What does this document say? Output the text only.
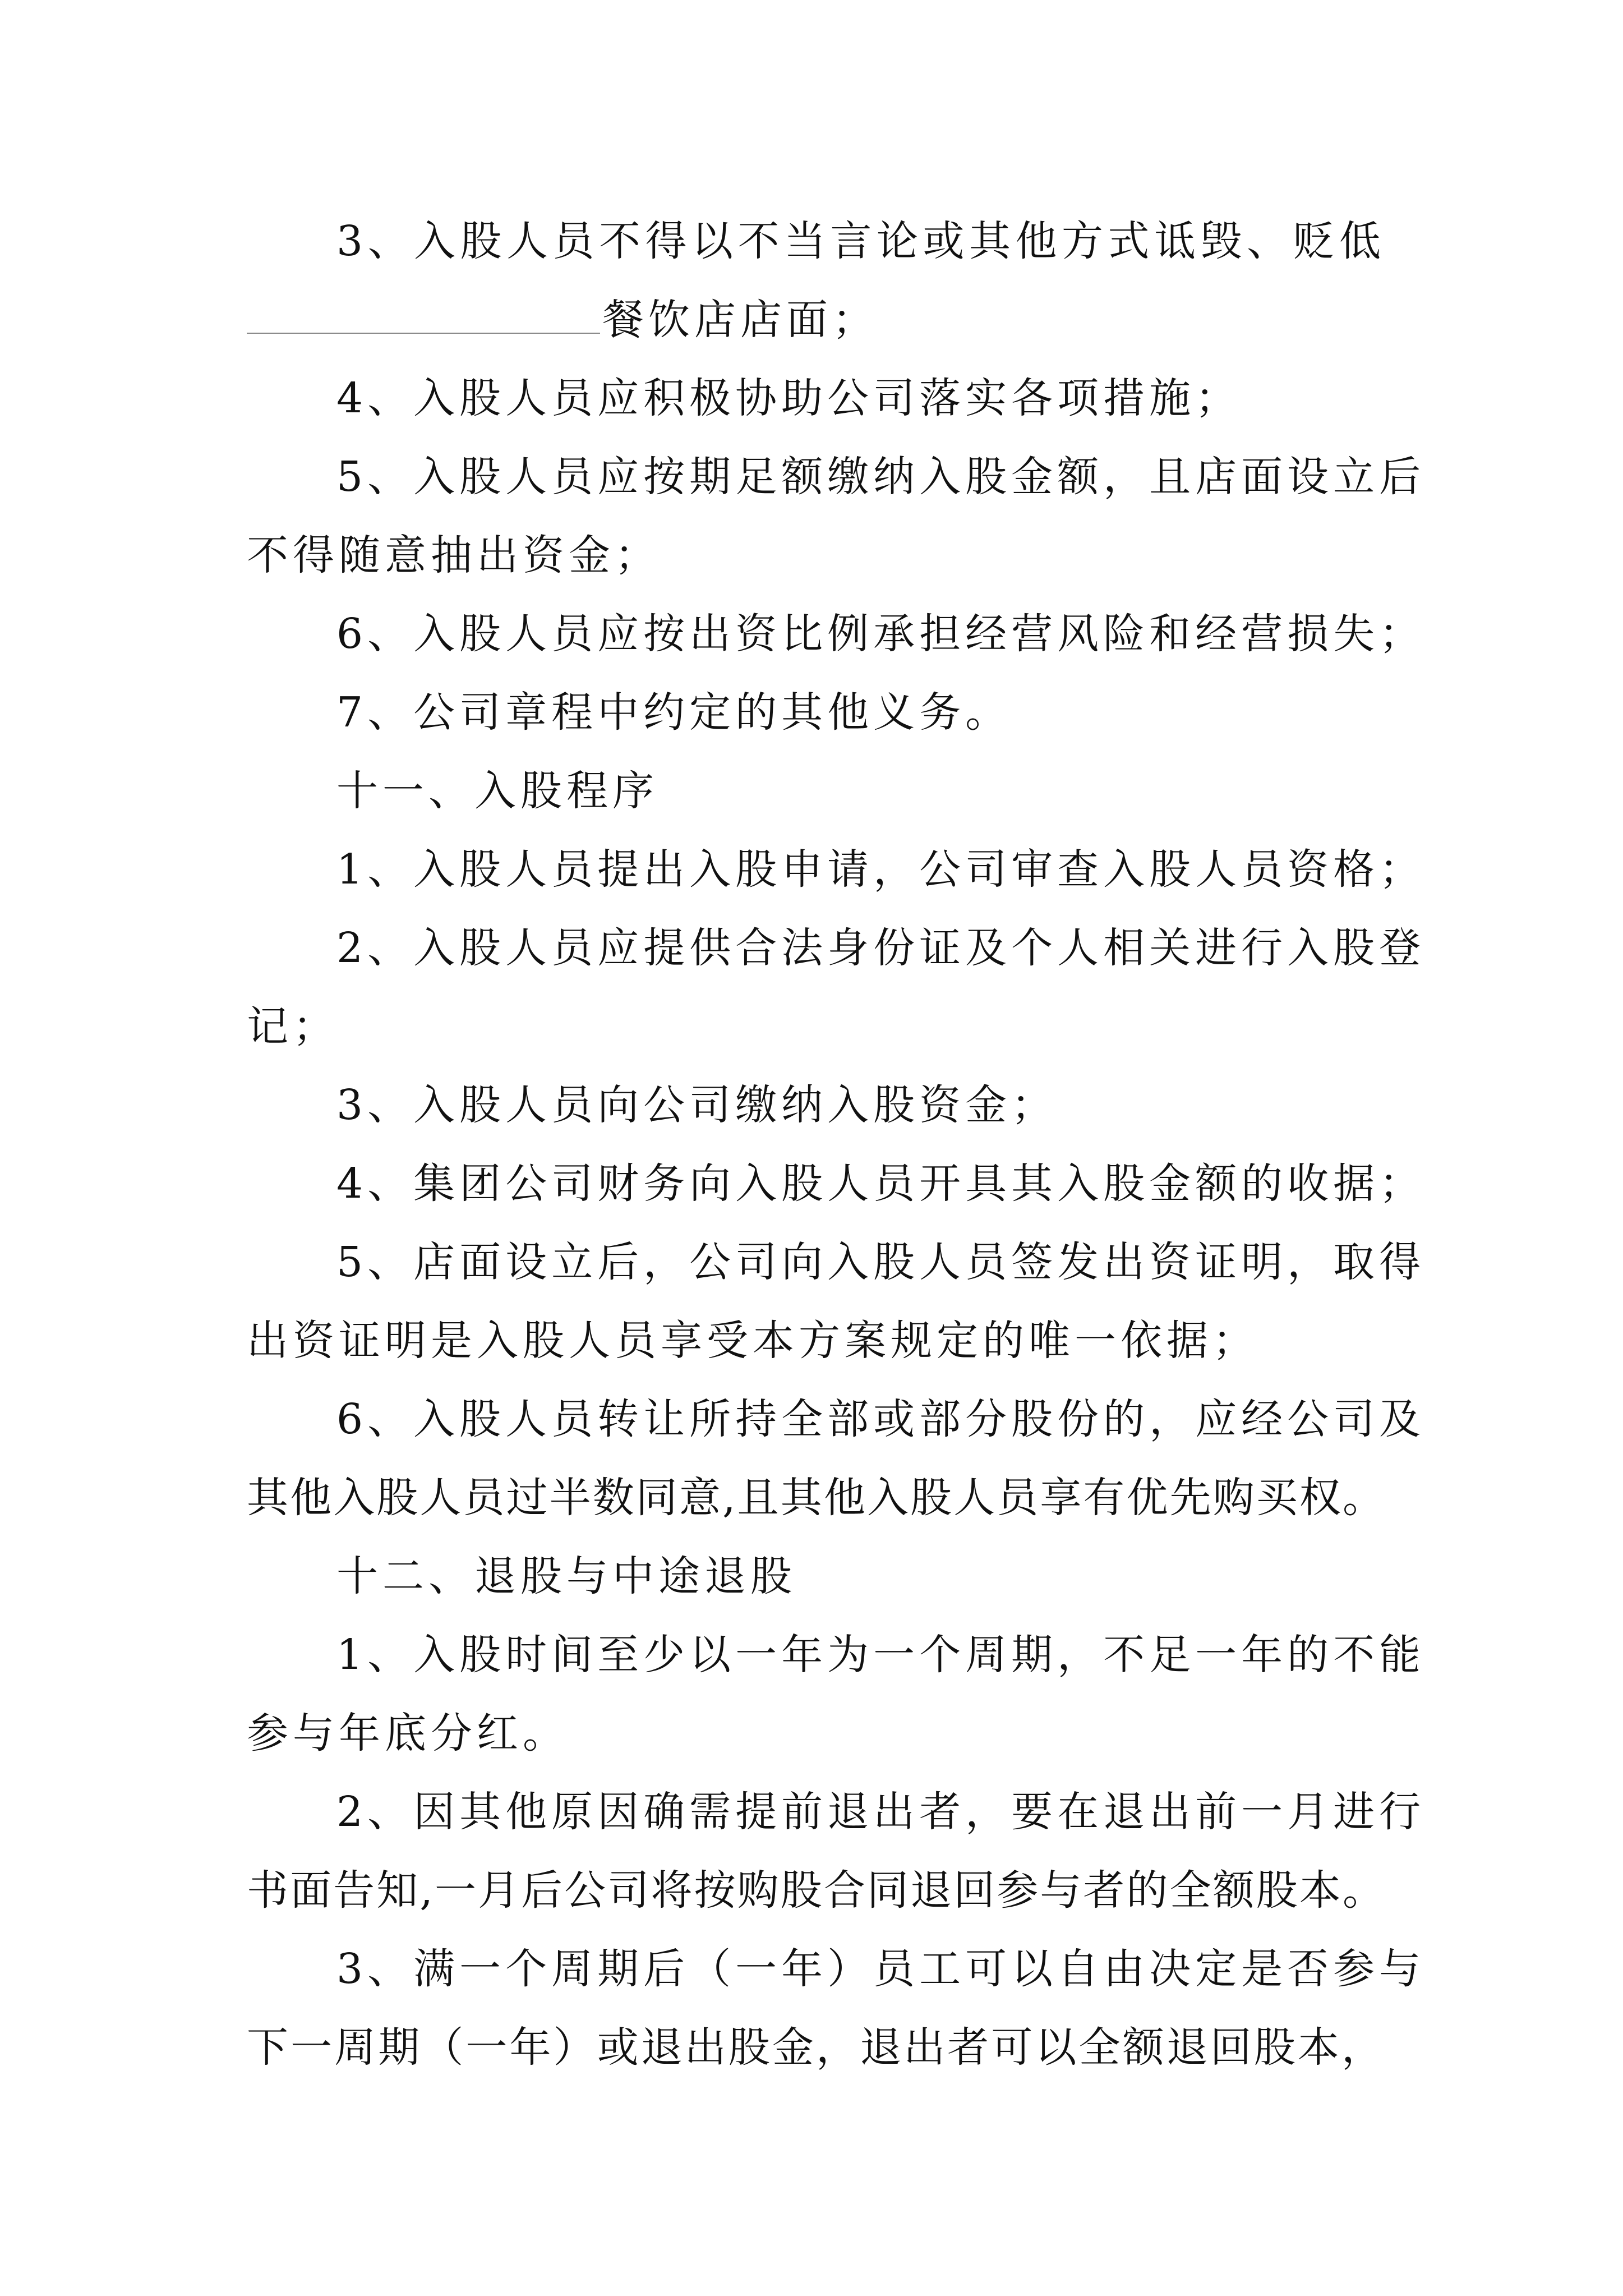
3、入股人员不得以不当言论或其他方式诋毁、贬低
餐饮店店面；
4、入股人员应积极协助公司落实各项措施；
5、入股人员应按期足额缴纳入股金额，且店面设立后
不得随意抽出资金；
6、入股人员应按出资比例承担经营风险和经营损失；
7、公司章程中约定的其他义务。
十一、入股程序
1、入股人员提出入股申请，公司审查入股人员资格；
2、入股人员应提供合法身份证及个人相关进行入股登
记；
3、入股人员向公司缴纳入股资金；
4、集团公司财务向入股人员开具其入股金额的收据；
5、店面设立后，公司向入股人员签发出资证明，取得
出资证明是入股人员享受本方案规定的唯一依据；
6、入股人员转让所持全部或部分股份的，应经公司及
其他入股人员过半数同意,且其他入股人员享有优先购买权。
十二、退股与中途退股
1、入股时间至少以一年为一个周期，不足一年的不能
参与年底分红。
2、因其他原因确需提前退出者，要在退出前一月进行
书面告知,一月后公司将按购股合同退回参与者的全额股本。
3、满一个周期后（一年）员工可以自由决定是否参与
下一周期（一年）或退出股金，退出者可以全额退回股本，
